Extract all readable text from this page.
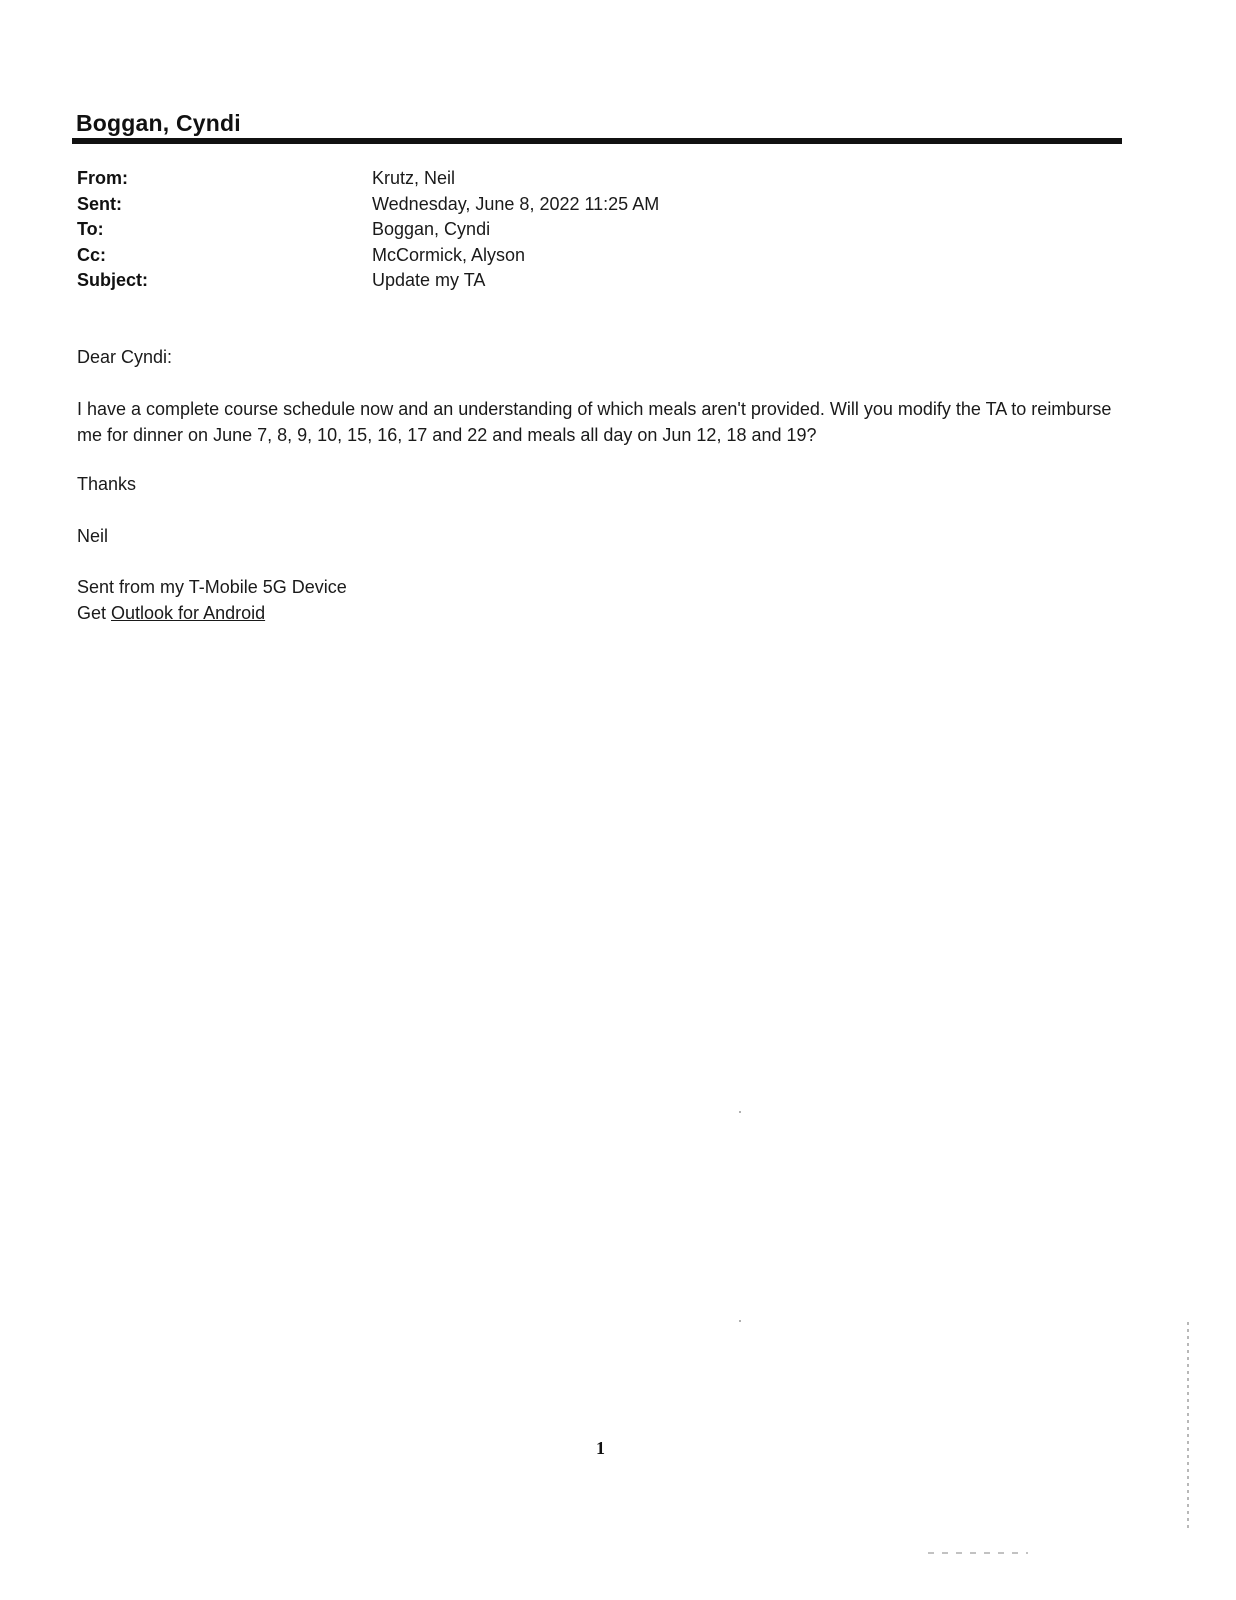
Boggan, Cyndi
From:	Krutz, Neil
Sent:	Wednesday, June 8, 2022 11:25 AM
To:	Boggan, Cyndi
Cc:	McCormick, Alyson
Subject:	Update my TA
Dear Cyndi:
I have a complete course schedule now and an understanding of which meals aren't provided. Will you modify the TA to reimburse me for dinner on June 7, 8, 9, 10, 15, 16, 17 and 22 and meals all day on Jun 12, 18 and 19?
Thanks
Neil
Sent from my T-Mobile 5G Device
Get Outlook for Android
1
